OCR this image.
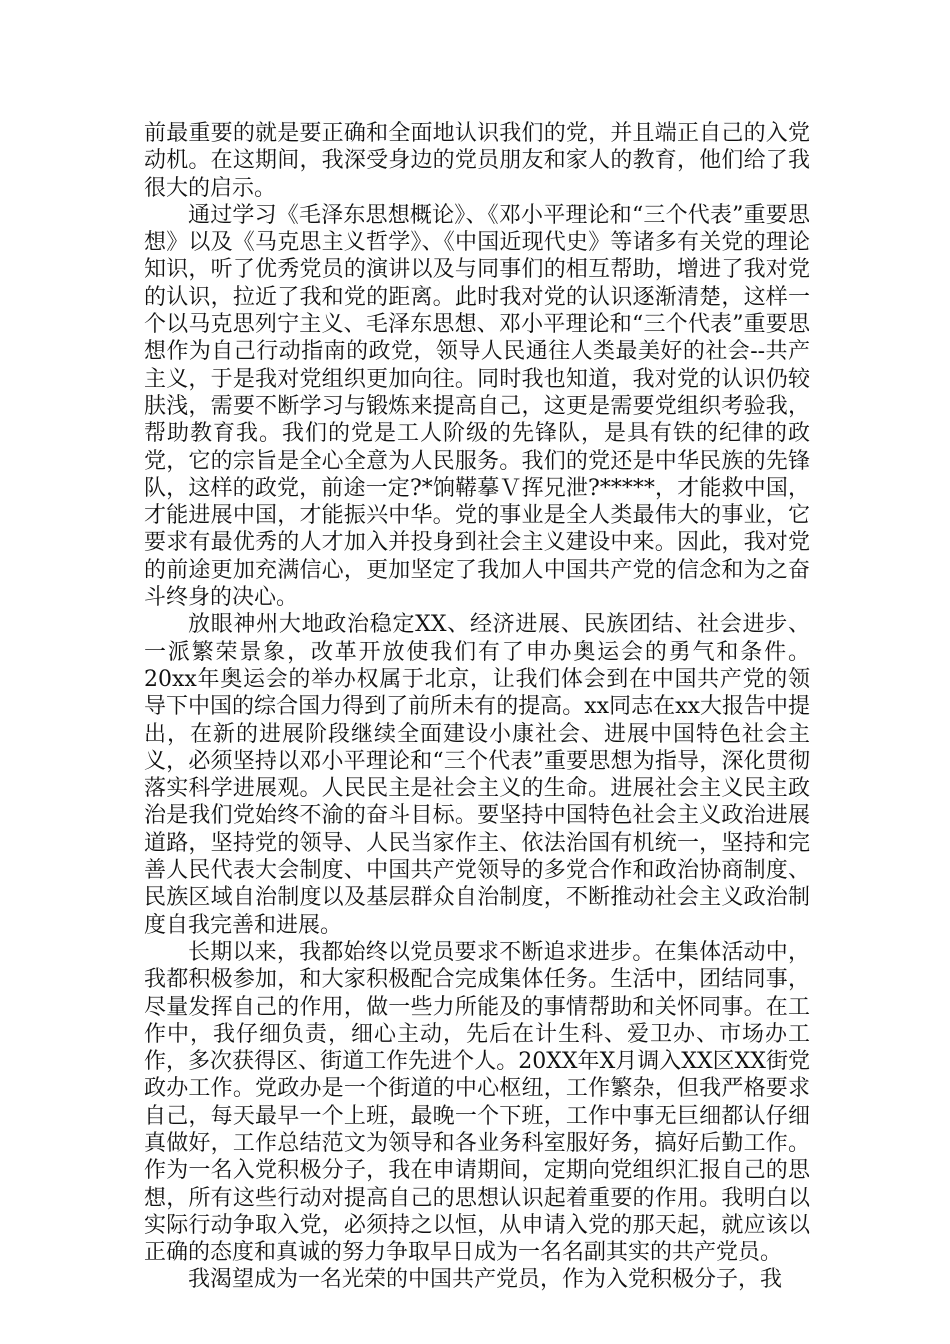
前最重要的就是要正确和全面地认识我们的党，并且端正自己的入党动机。在这期间，我深受身边的党员朋友和家人的教育，他们给了我很大的启示。

通过学习《毛泽东思想概论》、《邓小平理论和“三个代表”重要思想》以及《马克思主义哲学》、《中国近现代史》等诸多有关党的理论知识，听了优秀党员的演讲以及与同事们的相互帮助，增进了我对党的认识，拉近了我和党的距离。此时我对党的认识逐渐清楚，这样一个以马克思列宁主义、毛泽东思想、邓小平理论和“三个代表”重要思想作为自己行动指南的政党，领导人民通往人类最美好的社会--共产主义，于是我对党组织更加向往。同时我也知道，我对党的认识仍较肤浅，需要不断学习与锻炼来提高自己，这更是需要党组织考验我，帮助教育我。我们的党是工人阶级的先锋队，是具有铁的纪律的政党，它的宗旨是全心全意为人民服务。我们的党还是中华民族的先锋队，这样的政党，前途一定?*饷鞯摹Ｖ挥兄泄?*****，才能救中国，才能进展中国，才能振兴中华。党的事业是全人类最伟大的事业，它要求有最优秀的人才加入并投身到社会主义建设中来。因此，我对党的前途更加充满信心，更加坚定了我加人中国共产党的信念和为之奋斗终身的决心。

放眼神州大地政治稳定XX、经济进展、民族团结、社会进步、一派繁荣景象，改革开放使我们有了申办奥运会的勇气和条件。20xx年奥运会的举办权属于北京，让我们体会到在中国共产党的领导下中国的综合国力得到了前所未有的提高。xx同志在xx大报告中提出，在新的进展阶段继续全面建设小康社会、进展中国特色社会主义，必须坚持以邓小平理论和“三个代表”重要思想为指导，深化贯彻落实科学进展观。人民民主是社会主义的生命。进展社会主义民主政治是我们党始终不渝的奋斗目标。要坚持中国特色社会主义政治进展道路，坚持党的领导、人民当家作主、依法治国有机统一，坚持和完善人民代表大会制度、中国共产党领导的多党合作和政治协商制度、民族区域自治制度以及基层群众自治制度，不断推动社会主义政治制度自我完善和进展。

长期以来，我都始终以党员要求不断追求进步。在集体活动中，我都积极参加，和大家积极配合完成集体任务。生活中，团结同事，尽量发挥自己的作用，做一些力所能及的事情帮助和关怀同事。在工作中，我仔细负责，细心主动，先后在计生科、爱卫办、市场办工作，多次获得区、街道工作先进个人。20XX年X月调入XX区XX街党政办工作。党政办是一个街道的中心枢纽，工作繁杂，但我严格要求自己，每天最早一个上班，最晚一个下班，工作中事无巨细都认仔细真做好，工作总结范文为领导和各业务科室服好务，搞好后勤工作。作为一名入党积极分子，我在申请期间，定期向党组织汇报自己的思想，所有这些行动对提高自己的思想认识起着重要的作用。我明白以实际行动争取入党，必须持之以恒，从申请入党的那天起，就应该以正确的态度和真诚的努力争取早日成为一名名副其实的共产党员。

我渴望成为一名光荣的中国共产党员，作为入党积极分子，我
